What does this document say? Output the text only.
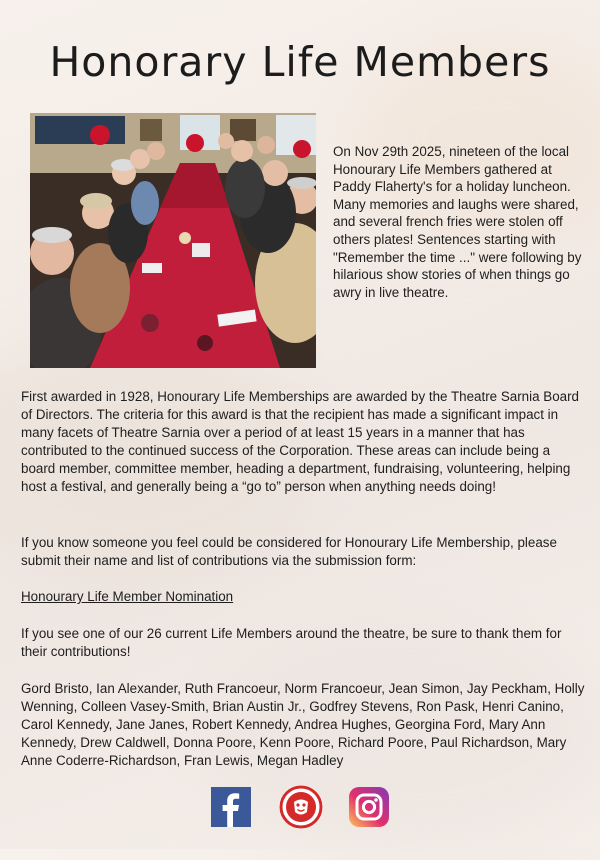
Honorary Life Members

On Nov 29th 2025, nineteen of the local Honourary Life Members gathered at Paddy Flaherty's for a holiday luncheon. Many memories and laughs were shared, and several french fries were stolen off others plates! Sentences starting with "Remember the time ..." were following by hilarious show stories of when things go awry in live theatre.

First awarded in 1928, Honourary Life Memberships are awarded by the Theatre Sarnia Board of Directors. The criteria for this award is that the recipient has made a significant impact in many facets of Theatre Sarnia over a period of at least 15 years in a manner that has contributed to the continued success of the Corporation. These areas can include being a board member, committee member, heading a department, fundraising, volunteering, helping host a festival, and generally being a “go to” person when anything needs doing!

If you know someone you feel could be considered for Honourary Life Membership, please submit their name and list of contributions via the submission form:

Honourary Life Member Nomination

If you see one of our 26 current Life Members around the theatre, be sure to thank them for their contributions!

Gord Bristo, Ian Alexander, Ruth Francoeur, Norm Francoeur, Jean Simon, Jay Peckham, Holly Wenning, Colleen Vasey-Smith, Brian Austin Jr., Godfrey Stevens, Ron Pask, Henri Canino, Carol Kennedy, Jane Janes, Robert Kennedy, Andrea Hughes, Georgina Ford, Mary Ann Kennedy, Drew Caldwell, Donna Poore, Kenn Poore, Richard Poore, Paul Richardson, Mary Anne Coderre-Richardson, Fran Lewis, Megan Hadley
